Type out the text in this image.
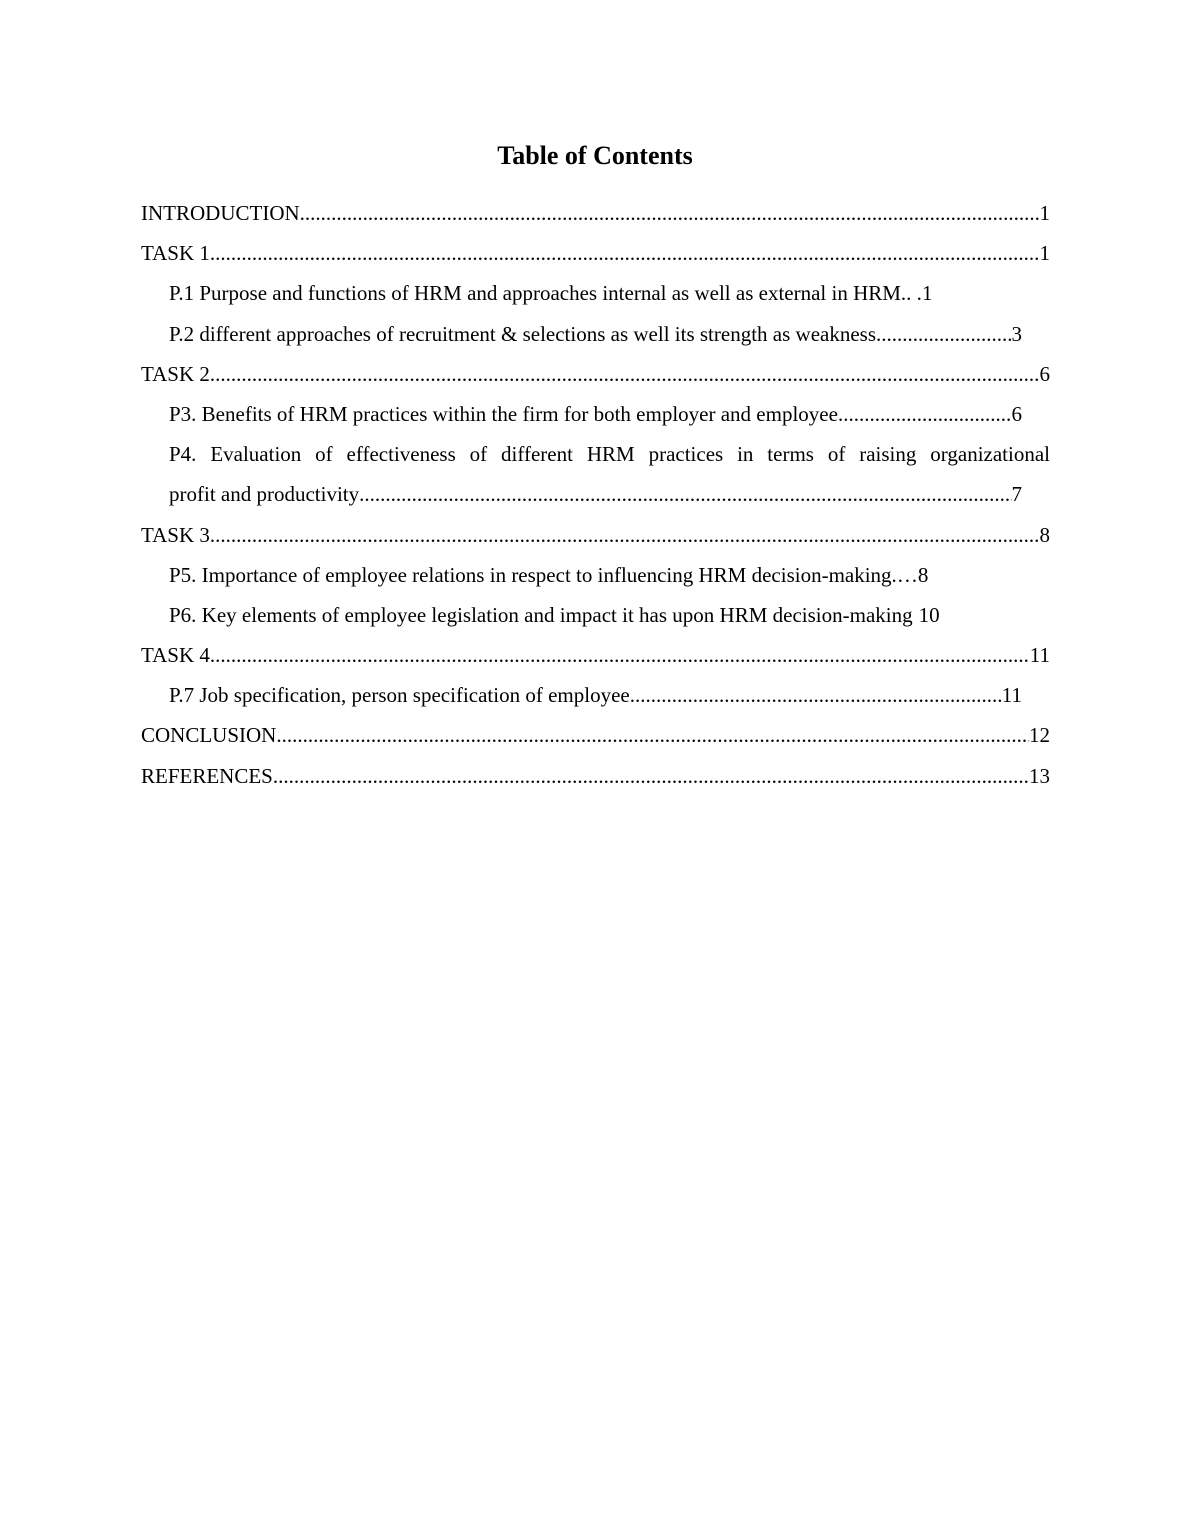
Table of Contents
INTRODUCTION .....	1
TASK 1 .....	1
P.1 Purpose and functions of HRM and approaches internal as well as external in HRM.. . 1
P.2 different approaches of recruitment & selections as well its strength as weakness .....	3
TASK 2 .....	6
P3. Benefits of HRM practices within the firm for both employer and employee .....	6
P4. Evaluation of effectiveness of different HRM practices in terms of raising organizational
profit and productivity .....	7
TASK 3 .....	8
P5. Importance of employee relations in respect to influencing HRM decision-making. …8
P6. Key elements of employee legislation and impact it has upon HRM decision-making 10
TASK 4 .....	11
P.7 Job specification, person specification of employee .....	11
CONCLUSION .....	12
REFERENCES .....	13
